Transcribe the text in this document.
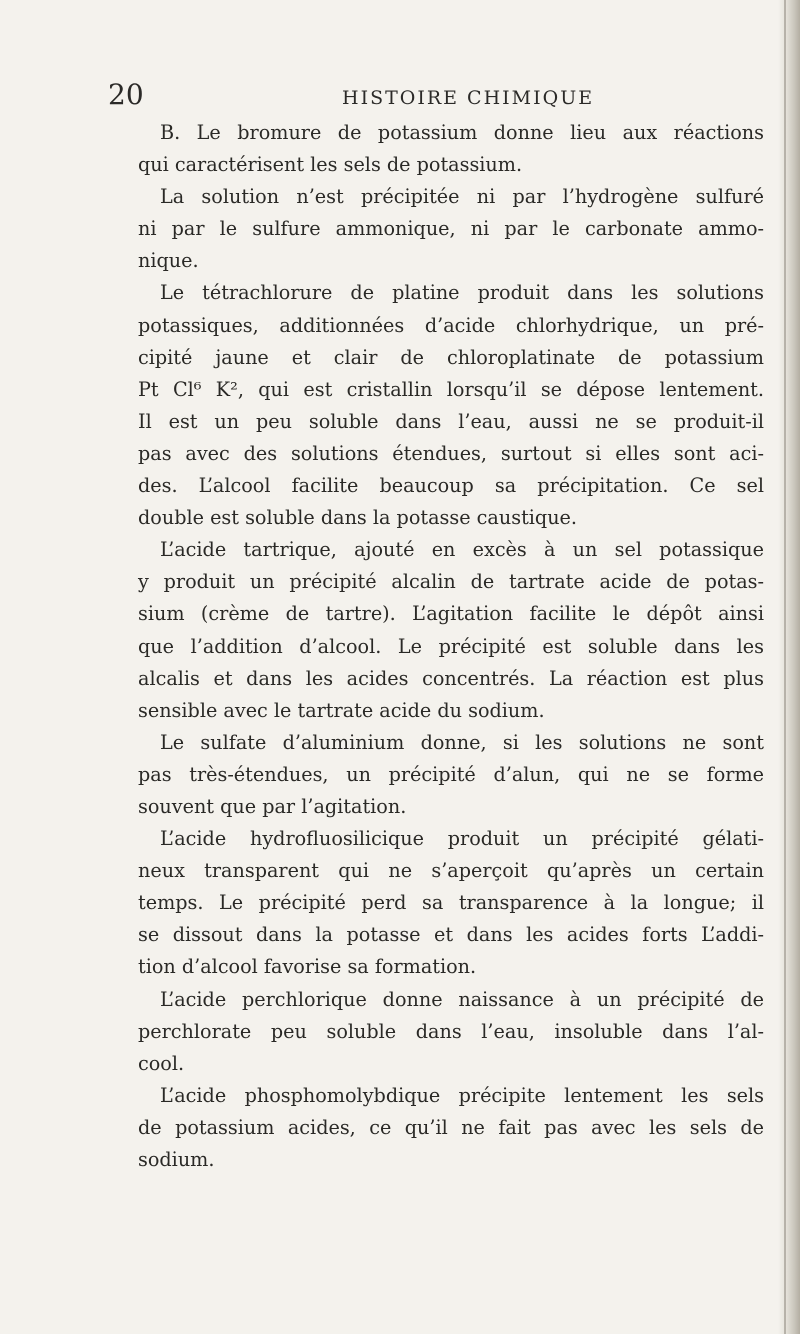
20	HISTOIRE CHIMIQUE
B. Le bromure de potassium donne lieu aux réactions
qui caractérisent les sels de potassium.
La solution n’est précipitée ni par l’hydrogène sulfuré
ni par le sulfure ammonique, ni par le carbonate ammo-
nique.
Le tétrachlorure de platine produit dans les solutions
potassiques, additionnées d’acide chlorhydrique, un pré-
cipité jaune et clair de chloroplatinate de potassium
Pt Cl⁶ K², qui est cristallin lorsqu’il se dépose lentement.
Il est un peu soluble dans l’eau, aussi ne se produit-il
pas avec des solutions étendues, surtout si elles sont aci-
des. L’alcool facilite beaucoup sa précipitation. Ce sel
double est soluble dans la potasse caustique.
L’acide tartrique, ajouté en excès à un sel potassique
y produit un précipité alcalin de tartrate acide de potas-
sium (crème de tartre). L’agitation facilite le dépôt ainsi
que l’addition d’alcool. Le précipité est soluble dans les
alcalis et dans les acides concentrés. La réaction est plus
sensible avec le tartrate acide du sodium.
Le sulfate d’aluminium donne, si les solutions ne sont
pas très-étendues, un précipité d’alun, qui ne se forme
souvent que par l’agitation.
L’acide hydrofluosilicique produit un précipité gélati-
neux transparent qui ne s’aperçoit qu’après un certain
temps. Le précipité perd sa transparence à la longue; il
se dissout dans la potasse et dans les acides forts L’addi-
tion d’alcool favorise sa formation.
L’acide perchlorique donne naissance à un précipité de
perchlorate peu soluble dans l’eau, insoluble dans l’al-
cool.
L’acide phosphomolybdique précipite lentement les sels
de potassium acides, ce qu’il ne fait pas avec les sels de
sodium.
